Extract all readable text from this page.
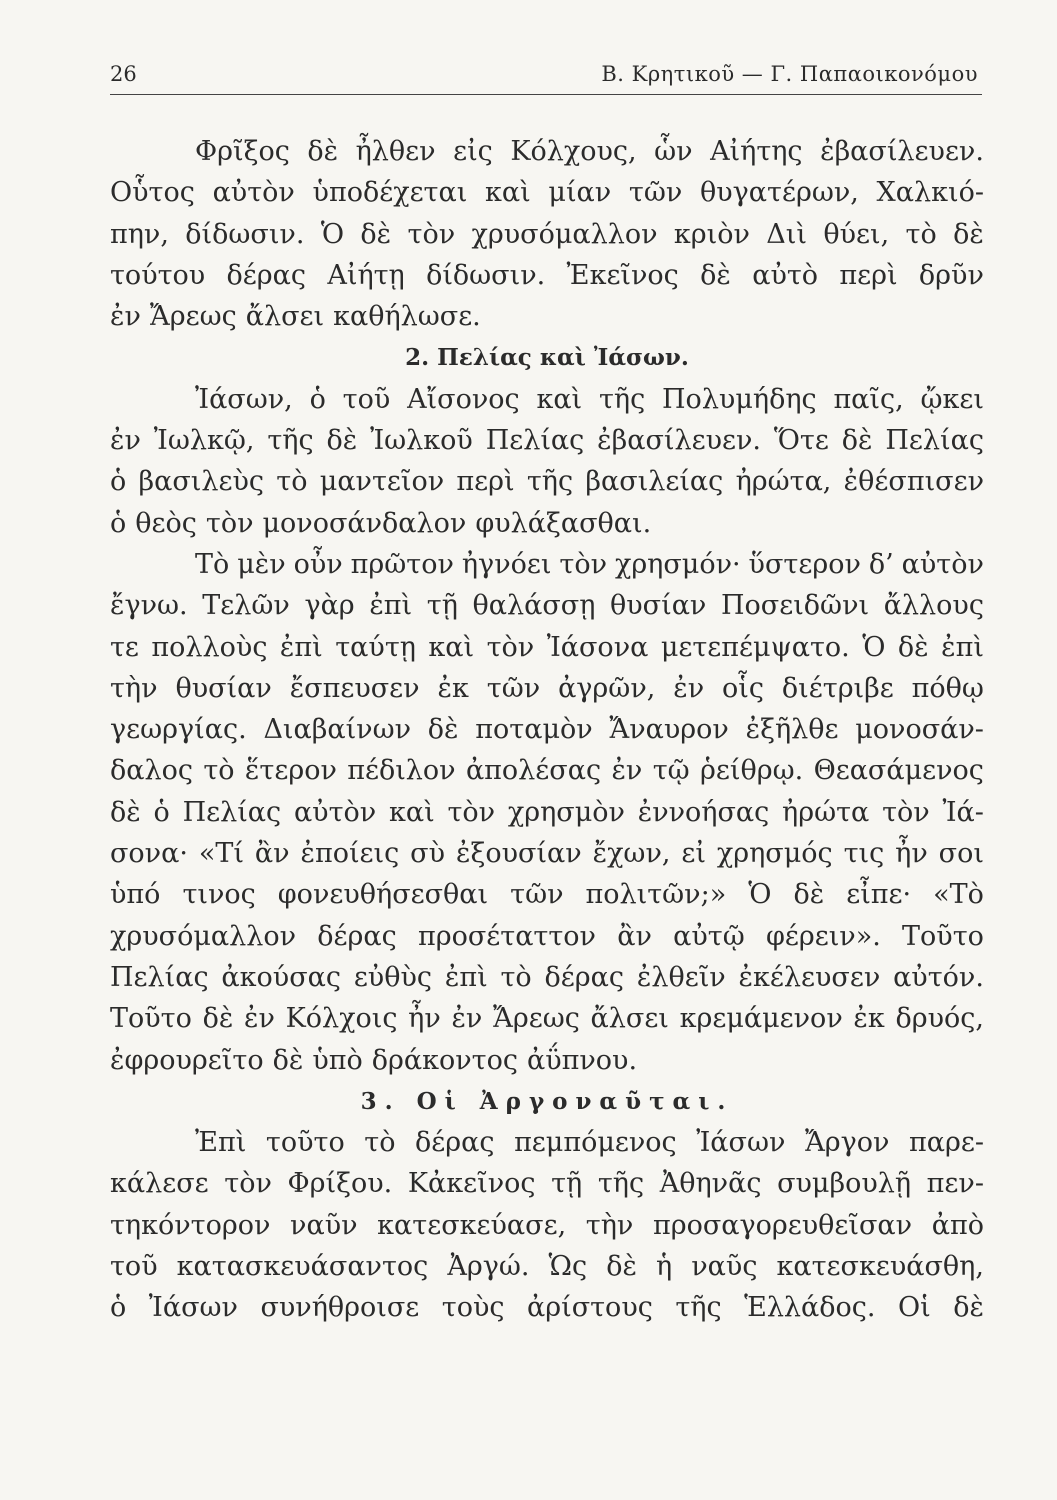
26	Β. Κρητικοῦ — Γ. Παπαοικονόμου
Φρῖξος δὲ ἦλθεν εἰς Κόλχους, ὧν Αἰήτης ἐβασίλευεν.
Οὗτος αὐτὸν ὑποδέχεται καὶ μίαν τῶν θυγατέρων, Χαλκιό-
πην, δίδωσιν. Ὁ δὲ τὸν χρυσόμαλλον κριὸν Διὶ θύει, τὸ δὲ
τούτου δέρας Αἰήτῃ δίδωσιν. Ἐκεῖνος δὲ αὐτὸ περὶ δρῦν
ἐν Ἄρεως ἄλσει καθήλωσε.
2. Πελίας καὶ Ἰάσων.
Ἰάσων, ὁ τοῦ Αἴσονος καὶ τῆς Πολυμήδης παῖς, ᾤκει
ἐν Ἰωλκῷ, τῆς δὲ Ἰωλκοῦ Πελίας ἐβασίλευεν. Ὅτε δὲ Πελίας
ὁ βασιλεὺς τὸ μαντεῖον περὶ τῆς βασιλείας ἠρώτα, ἐθέσπισεν
ὁ θεὸς τὸν μονοσάνδαλον φυλάξασθαι.
Τὸ μὲν οὖν πρῶτον ἠγνόει τὸν χρησμόν· ὕστερον δ’ αὐτὸν
ἔγνω. Τελῶν γὰρ ἐπὶ τῇ θαλάσσῃ θυσίαν Ποσειδῶνι ἄλλους
τε πολλοὺς ἐπὶ ταύτῃ καὶ τὸν Ἰάσονα μετεπέμψατο. Ὁ δὲ ἐπὶ
τὴν θυσίαν ἔσπευσεν ἐκ τῶν ἀγρῶν, ἐν οἷς διέτριβε πόθῳ
γεωργίας. Διαβαίνων δὲ ποταμὸν Ἄναυρον ἐξῆλθε μονοσάν-
δαλος τὸ ἕτερον πέδιλον ἀπολέσας ἐν τῷ ῥείθρῳ. Θεασάμενος
δὲ ὁ Πελίας αὐτὸν καὶ τὸν χρησμὸν ἐννοήσας ἠρώτα τὸν Ἰά-
σονα· «Τί ἂν ἐποίεις σὺ ἐξουσίαν ἔχων, εἰ χρησμός τις ἦν σοι
ὑπό τινος φονευθήσεσθαι τῶν πολιτῶν;» Ὁ δὲ εἶπε· «Τὸ
χρυσόμαλλον δέρας προσέταττον ἂν αὐτῷ φέρειν». Τοῦτο
Πελίας ἀκούσας εὐθὺς ἐπὶ τὸ δέρας ἐλθεῖν ἐκέλευσεν αὐτόν.
Τοῦτο δὲ ἐν Κόλχοις ἦν ἐν Ἄρεως ἄλσει κρεμάμενον ἐκ δρυός,
ἐφρουρεῖτο δὲ ὑπὸ δράκοντος ἀΰπνου.
3. Οἱ Ἀργοναῦται.
Ἐπὶ τοῦτο τὸ δέρας πεμπόμενος Ἰάσων Ἄργον παρε-
κάλεσε τὸν Φρίξου. Κἀκεῖνος τῇ τῆς Ἀθηνᾶς συμβουλῇ πεν-
τηκόντορον ναῦν κατεσκεύασε, τὴν προσαγορευθεῖσαν ἀπὸ
τοῦ κατασκευάσαντος Ἀργώ. Ὡς δὲ ἡ ναῦς κατεσκευάσθη,
ὁ Ἰάσων συνήθροισε τοὺς ἀρίστους τῆς Ἑλλάδος. Οἱ δὲ
